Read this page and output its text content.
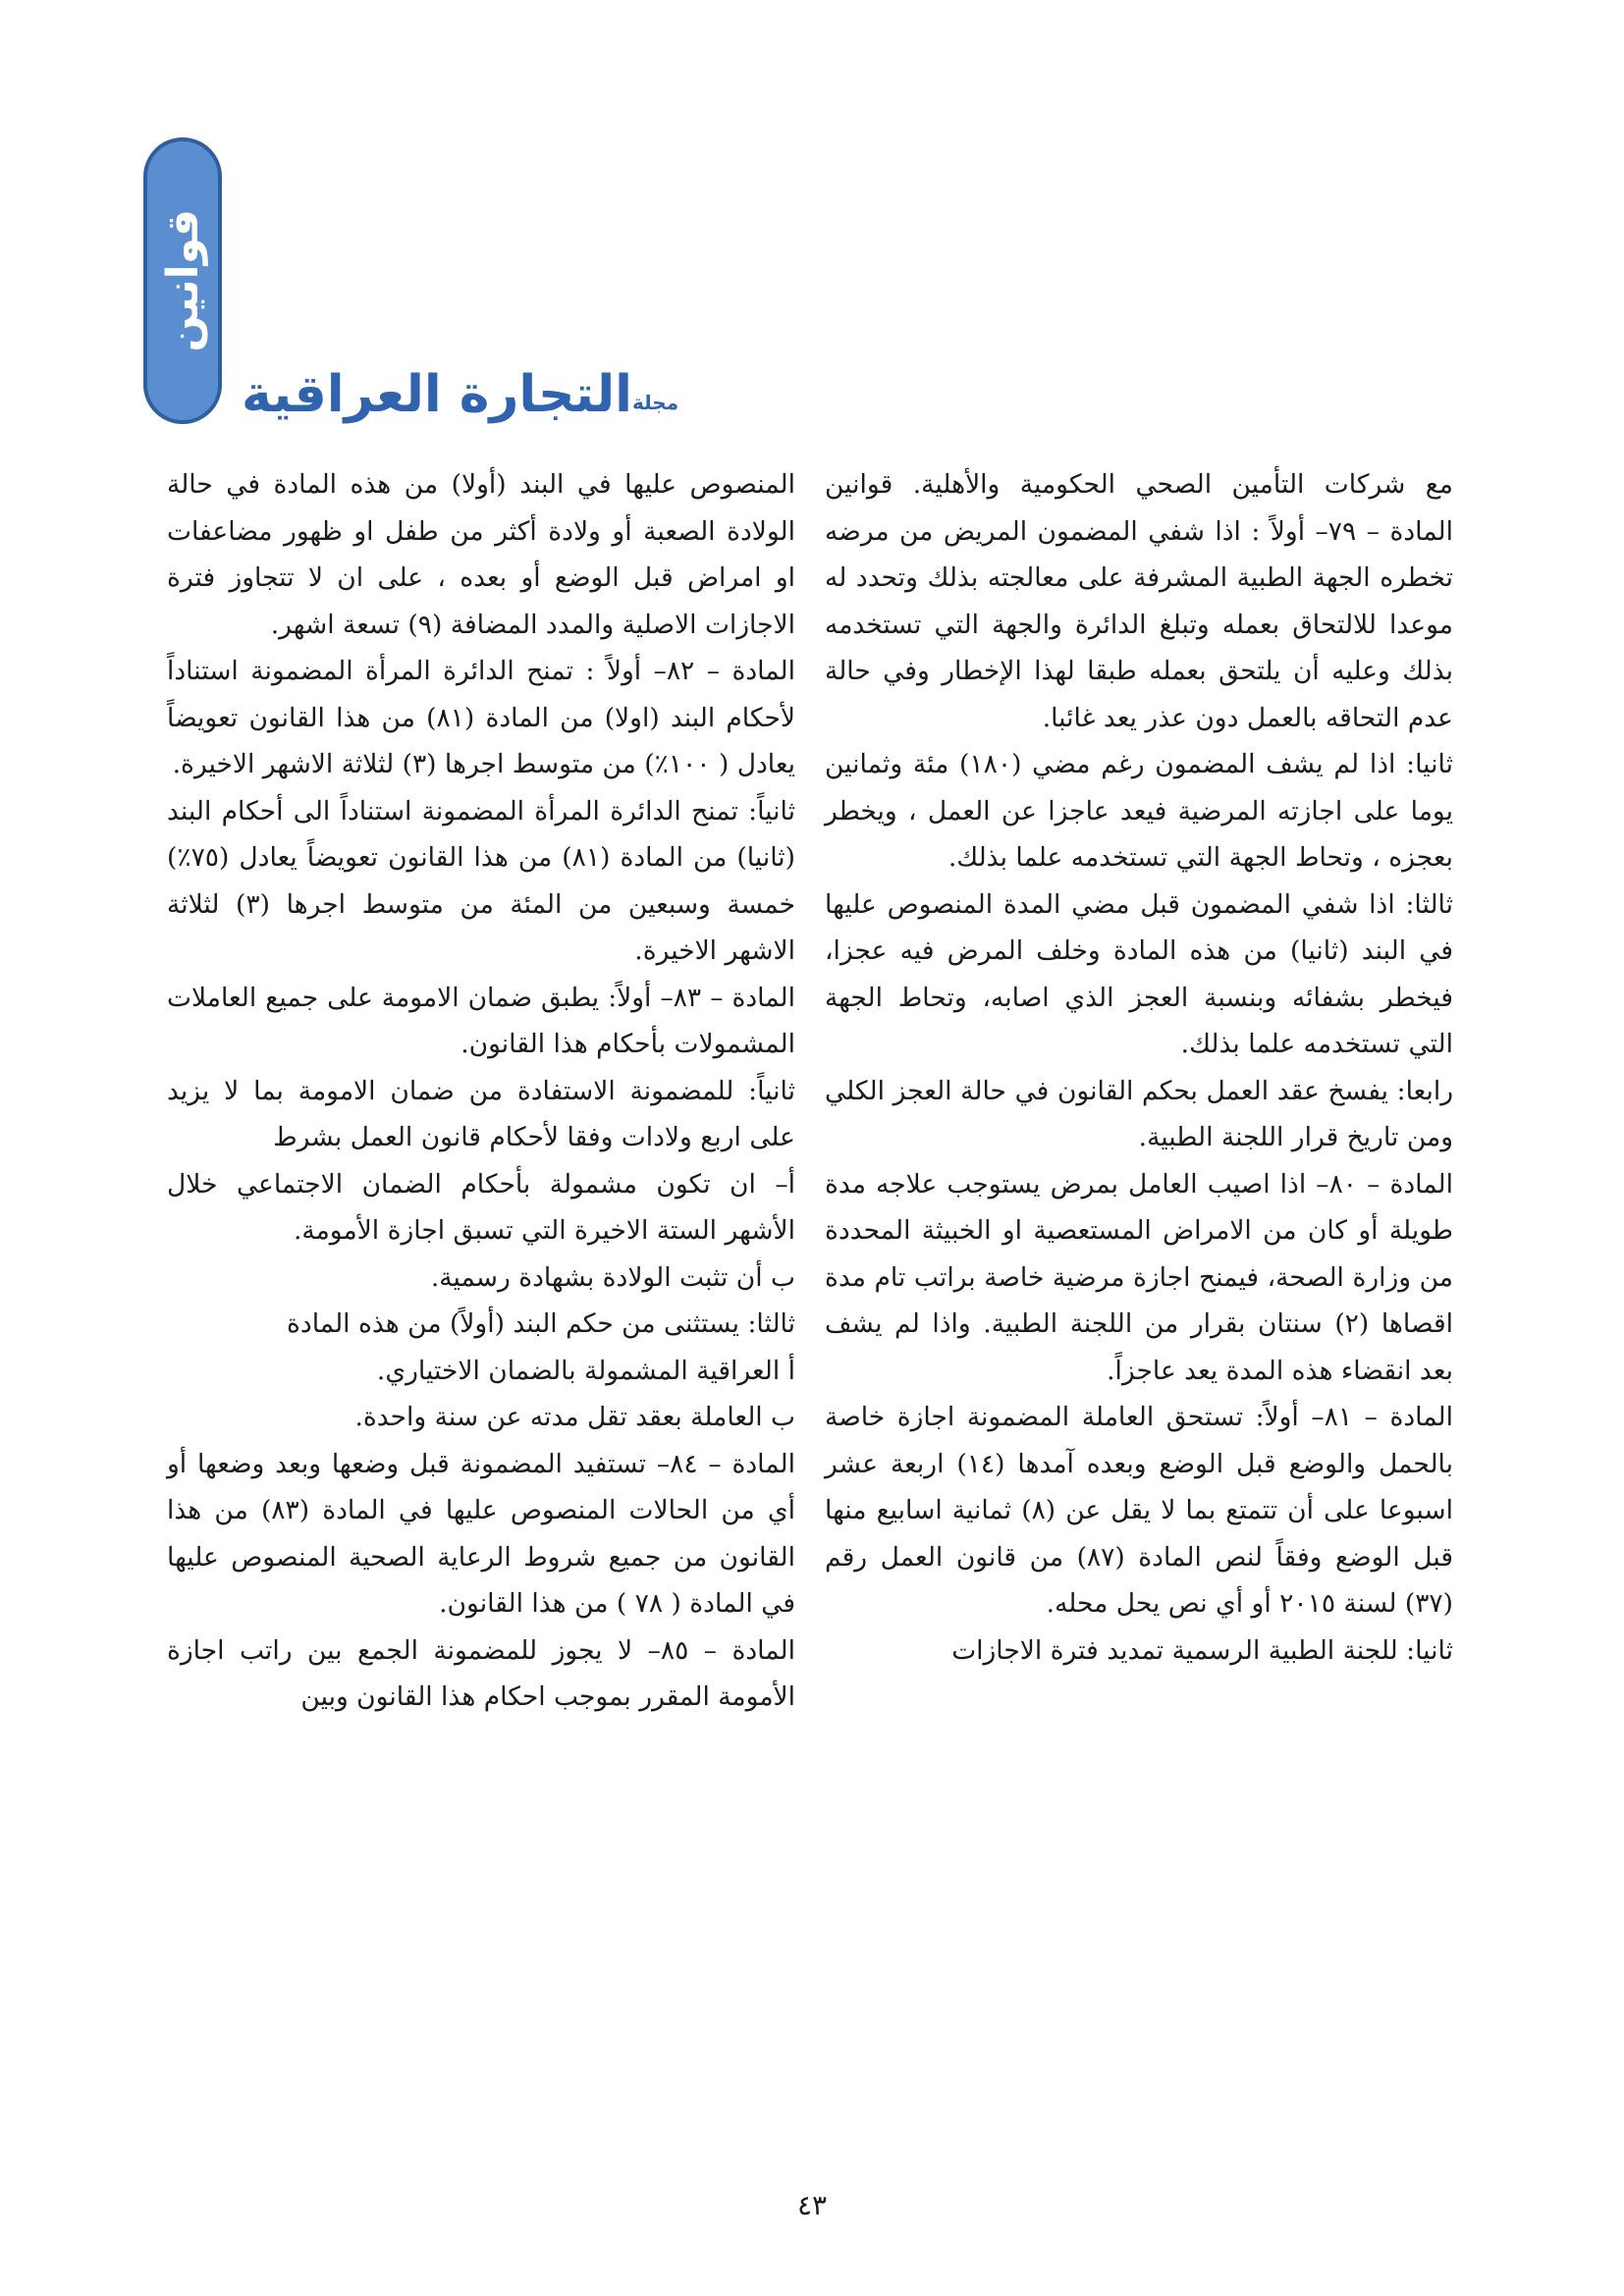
قوانين
مجلة
التجارة العراقية

مع شركات التأمين الصحي الحكومية والأهلية. قوانين المادة – ٧٩– أولاً : اذا شفي المضمون المريض من مرضه تخطره الجهة الطبية المشرفة على معالجته بذلك وتحدد له موعدا للالتحاق بعمله وتبلغ الدائرة والجهة التي تستخدمه بذلك وعليه أن يلتحق بعمله طبقا لهذا الإخطار وفي حالة عدم التحاقه بالعمل دون عذر يعد غائبا.

ثانيا: اذا لم يشف المضمون رغم مضي (١٨٠) مئة وثمانين يوما على اجازته المرضية فيعد عاجزا عن العمل ، ويخطر بعجزه ، وتحاط الجهة التي تستخدمه علما بذلك.

ثالثا: اذا شفي المضمون قبل مضي المدة المنصوص عليها في البند (ثانيا) من هذه المادة وخلف المرض فيه عجزا، فيخطر بشفائه وبنسبة العجز الذي اصابه، وتحاط الجهة التي تستخدمه علما بذلك.

رابعا: يفسخ عقد العمل بحكم القانون في حالة العجز الكلي ومن تاريخ قرار اللجنة الطبية.

المادة – ٨٠– اذا اصيب العامل بمرض يستوجب علاجه مدة طويلة أو كان من الامراض المستعصية او الخبيثة المحددة من وزارة الصحة، فيمنح اجازة مرضية خاصة براتب تام مدة اقصاها (٢) سنتان بقرار من اللجنة الطبية. واذا لم يشف بعد انقضاء هذه المدة يعد عاجزاً.

المادة – ٨١– أولاً: تستحق العاملة المضمونة اجازة خاصة بالحمل والوضع قبل الوضع وبعده آمدها (١٤) اربعة عشر اسبوعا على أن تتمتع بما لا يقل عن (٨) ثمانية اسابيع منها قبل الوضع وفقاً لنص المادة (٨٧) من قانون العمل رقم (٣٧) لسنة ٢٠١٥ أو أي نص يحل محله.

ثانيا: للجنة الطبية الرسمية تمديد فترة الاجازات

المنصوص عليها في البند (أولا) من هذه المادة في حالة الولادة الصعبة أو ولادة أكثر من طفل او ظهور مضاعفات او امراض قبل الوضع أو بعده ، على ان لا تتجاوز فترة الاجازات الاصلية والمدد المضافة (٩) تسعة اشهر.

المادة – ٨٢– أولاً : تمنح الدائرة المرأة المضمونة استناداً لأحكام البند (اولا) من المادة (٨١) من هذا القانون تعويضاً يعادل ( ١٠٠٪) من متوسط اجرها (٣) لثلاثة الاشهر الاخيرة.

ثانياً: تمنح الدائرة المرأة المضمونة استناداً الى أحكام البند (ثانيا) من المادة (٨١) من هذا القانون تعويضاً يعادل (٧٥٪) خمسة وسبعين من المئة من متوسط اجرها (٣) لثلاثة الاشهر الاخيرة.

المادة – ٨٣– أولاً: يطبق ضمان الامومة على جميع العاملات المشمولات بأحكام هذا القانون.

ثانياً: للمضمونة الاستفادة من ضمان الامومة بما لا يزيد على اربع ولادات وفقا لأحكام قانون العمل بشرط

أ– ان تكون مشمولة بأحكام الضمان الاجتماعي خلال الأشهر الستة الاخيرة التي تسبق اجازة الأمومة.

ب أن تثبت الولادة بشهادة رسمية.

ثالثا: يستثنى من حكم البند (أولاً) من هذه المادة

أ العراقية المشمولة بالضمان الاختياري.

ب العاملة بعقد تقل مدته عن سنة واحدة.

المادة – ٨٤– تستفيد المضمونة قبل وضعها وبعد وضعها أو أي من الحالات المنصوص عليها في المادة (٨٣) من هذا القانون من جميع شروط الرعاية الصحية المنصوص عليها في المادة ( ٧٨ ) من هذا القانون.

المادة – ٨٥– لا يجوز للمضمونة الجمع بين راتب اجازة الأمومة المقرر بموجب احكام هذا القانون وبين

٤٣
